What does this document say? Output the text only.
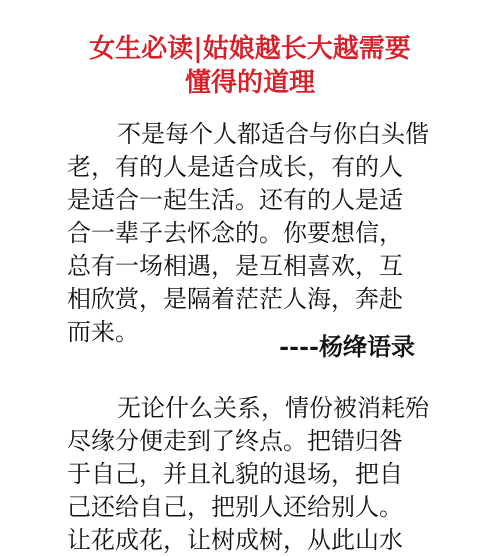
女生必读|姑娘越长大越需要
懂得的道理
不是每个人都适合与你白头偕
老，有的人是适合成长，有的人
是适合一起生活。还有的人是适
合一辈子去怀念的。你要想信，
总有一场相遇，是互相喜欢，互
相欣赏，是隔着茫茫人海，奔赴
而来。	----杨绛语录
无论什么关系，情份被消耗殆
尽缘分便走到了终点。把错归咎
于自己，并且礼貌的退场，把自
己还给自己，把别人还给别人。
让花成花，让树成树，从此山水
